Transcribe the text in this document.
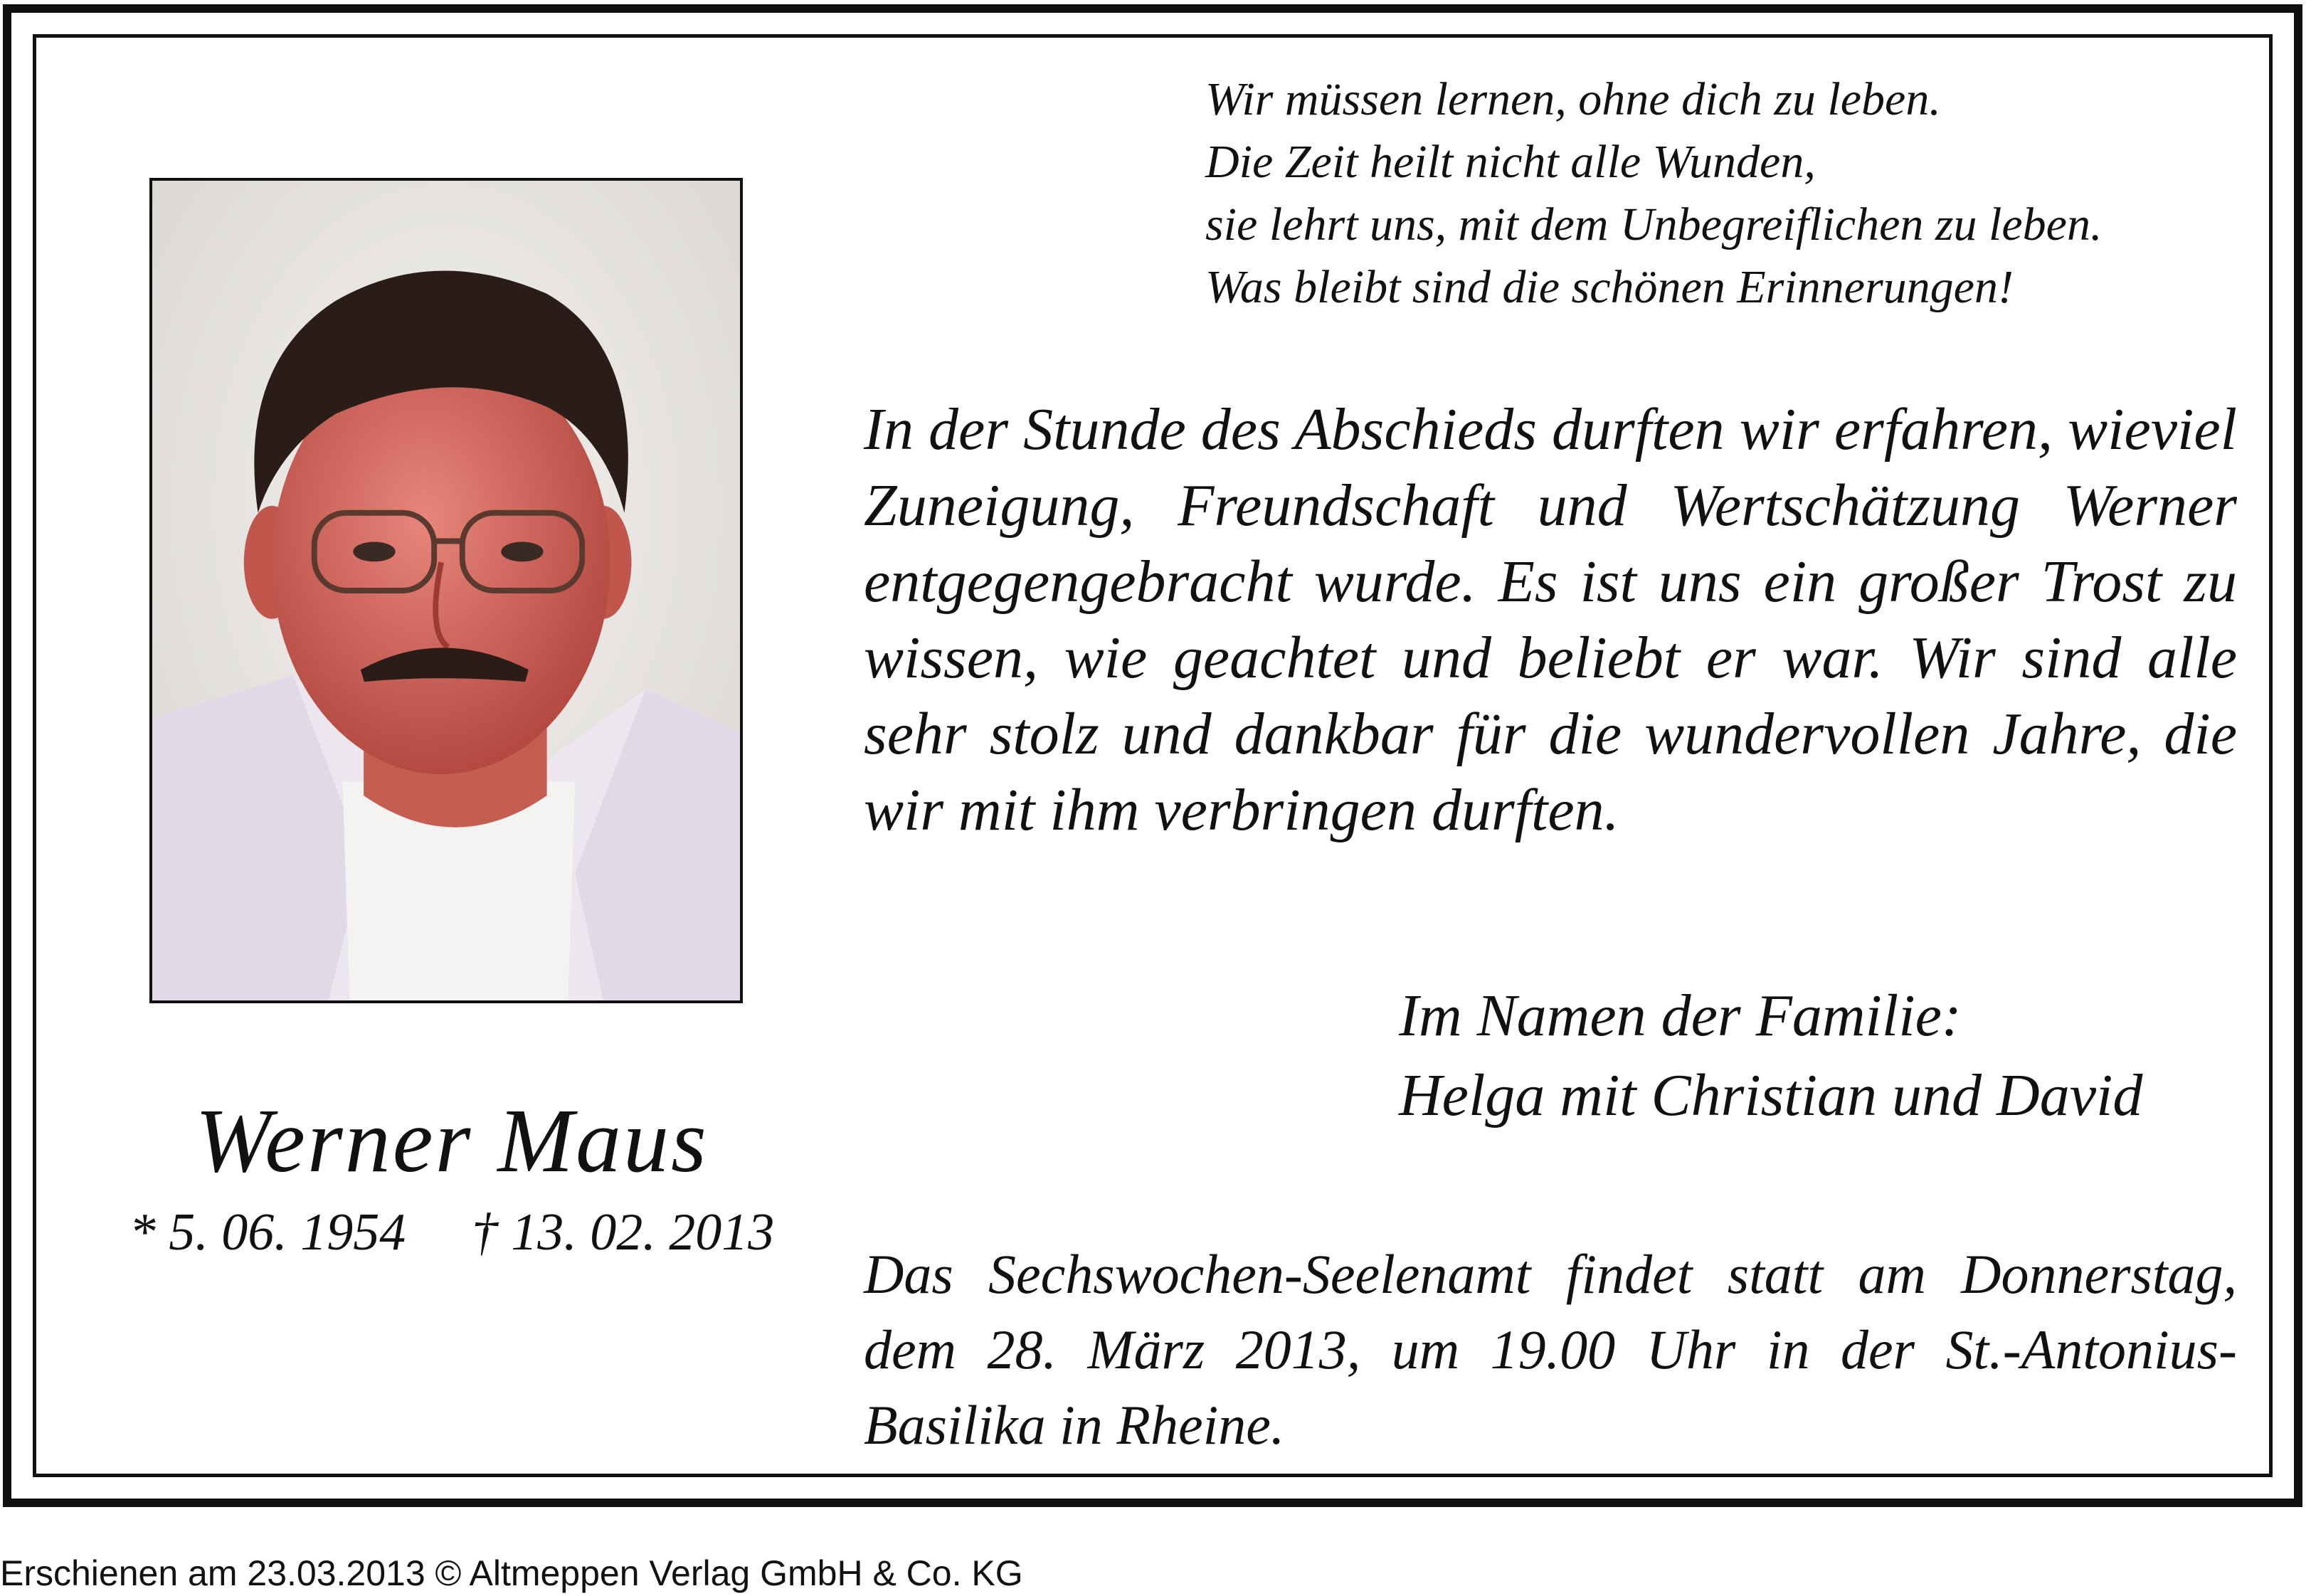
Werner Maus
* 5. 06. 1954     † 13. 02. 2013
Wir müssen lernen, ohne dich zu leben.
Die Zeit heilt nicht alle Wunden,
sie lehrt uns, mit dem Unbegreiflichen zu leben.
Was bleibt sind die schönen Erinnerungen!
In der Stunde des Abschieds durften wir erfahren, wieviel Zuneigung, Freundschaft und Wertschätzung Werner entgegengebracht wurde. Es ist uns ein großer Trost zu wissen, wie geachtet und beliebt er war. Wir sind alle sehr stolz und dankbar für die wundervollen Jahre, die wir mit ihm verbringen durften.
Im Namen der Familie:
Helga mit Christian und David
Das Sechswochen-Seelenamt findet statt am Donnerstag, dem 28. März 2013, um 19.00 Uhr in der St.-Antonius-Basilika in Rheine.
Erschienen am 23.03.2013 © Altmeppen Verlag GmbH & Co. KG
